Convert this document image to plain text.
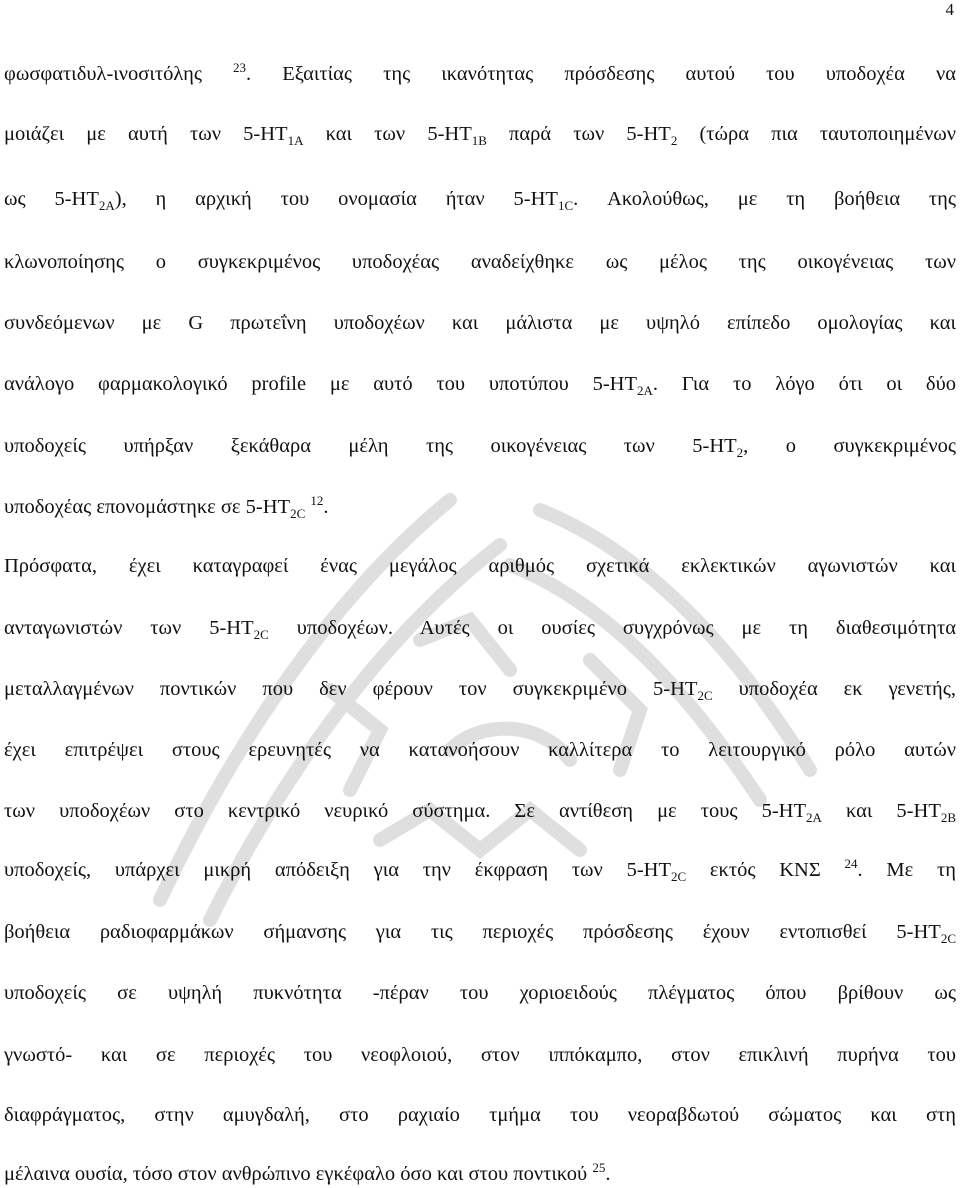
4
φωσφατιδυλ-ινοσιτόλης $^{23}$. Εξαιτίας της ικανότητας πρόσδεσης αυτού του υποδοχέα να
μοιάζει με αυτή των $5-HT_{1A}$ και των $5-HT_{1B}$ παρά των $5-HT_2$ (τώρα πια ταυτοποιημένων
ως $5-HT_{2A}$), η αρχική του ονομασία ήταν $5-HT_{1C}$. Ακολούθως, με τη βοήθεια της
κλωνοποίησης ο συγκεκριμένος υποδοχέας αναδείχθηκε ως μέλος της οικογένειας των
συνδεόμενων με G πρωτεΐνη υποδοχέων και μάλιστα με υψηλό επίπεδο ομολογίας και
ανάλογο φαρμακολογικό profile με αυτό του υποτύπου $5-HT_{2A}$. Για το λόγο ότι οι δύο
υποδοχείς υπήρξαν ξεκάθαρα μέλη της οικογένειας των $5-HT_2$, ο συγκεκριμένος
υποδοχέας επονομάστηκε σε $5-HT_{2C}$ $^{12}$.
Πρόσφατα, έχει καταγραφεί ένας μεγάλος αριθμός σχετικά εκλεκτικών αγωνιστών και
ανταγωνιστών των $5-HT_{2C}$ υποδοχέων. Αυτές οι ουσίες συγχρόνως με τη διαθεσιμότητα
μεταλλαγμένων ποντικών που δεν φέρουν τον συγκεκριμένο $5-HT_{2C}$ υποδοχέα εκ γενετής,
έχει επιτρέψει στους ερευνητές να κατανοήσουν καλλίτερα το λειτουργικό ρόλο αυτών
των υποδοχέων στο κεντρικό νευρικό σύστημα. Σε αντίθεση με τους $5-HT_{2A}$ και $5-HT_{2B}$
υποδοχείς, υπάρχει μικρή απόδειξη για την έκφραση των $5-HT_{2C}$ εκτός ΚΝΣ $^{24}$. Με τη
βοήθεια ραδιοφαρμάκων σήμανσης για τις περιοχές πρόσδεσης έχουν εντοπισθεί $5-HT_{2C}$
υποδοχείς σε υψηλή πυκνότητα -πέραν του χοριοειδούς πλέγματος όπου βρίθουν ως
γνωστό- και σε περιοχές του νεοφλοιού, στον ιππόκαμπο, στον επικλινή πυρήνα του
διαφράγματος, στην αμυγδαλή, στο ραχιαίο τμήμα του νεοραβδωτού σώματος και στη
μέλαινα ουσία, τόσο στον ανθρώπινο εγκέφαλο όσο και στου ποντικού $^{25}$.
